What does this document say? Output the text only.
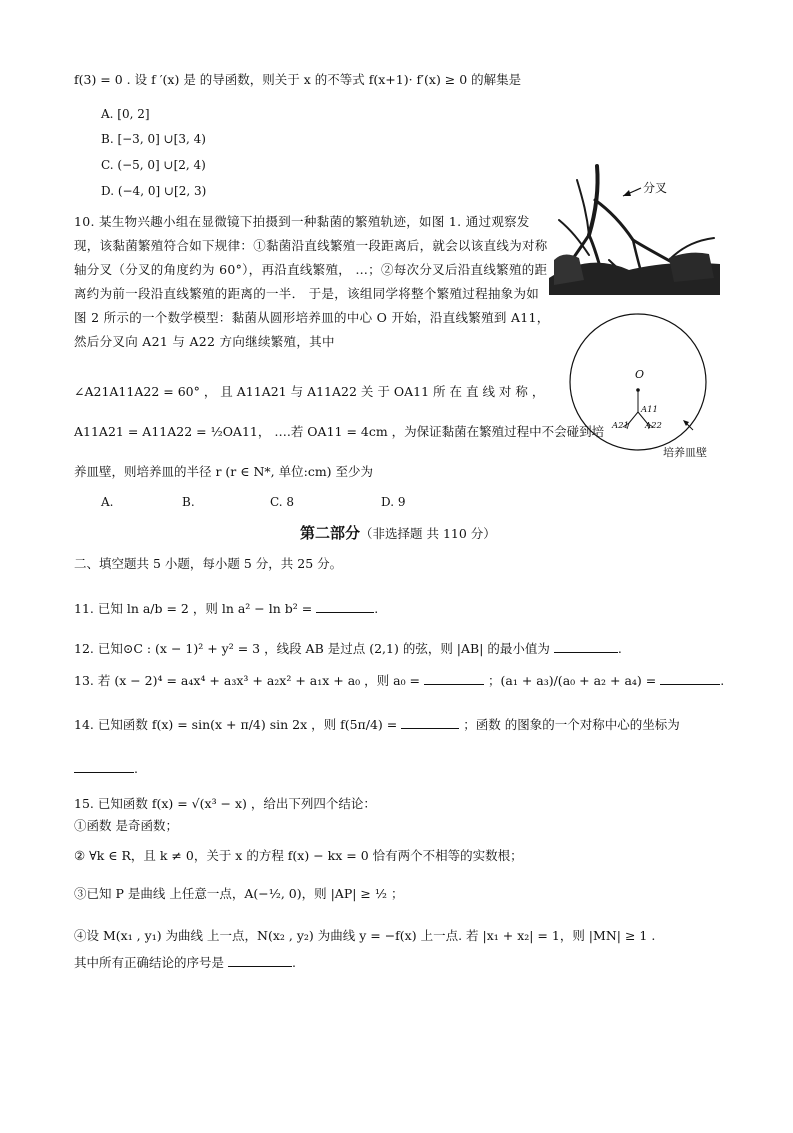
f(3) = 0 . 设 f ′(x) 是 的导函数，则关于 x 的不等式 f(x+1)· f′(x) ≥ 0 的解集是
A. [0, 2]
B. [−3, 0] ∪[3, 4)
C. (−5, 0] ∪[2, 4)
D. (−4, 0] ∪[2, 3)
10. 某生物兴趣小组在显微镜下拍摄到一种黏菌的繁殖轨迹，如图 1. 通过观察发现，该黏菌繁殖符合如下规律：①黏菌沿直线繁殖一段距离后，就会以该直线为对称轴分叉（分叉的角度约为 60°），再沿直线繁殖， …；②每次分叉后沿直线繁殖的距离约为前一段沿直线繁殖的距离的一半． 于是，该组同学将整个繁殖过程抽象为如图 2 所示的一个数学模型：黏菌从圆形培养皿的中心 O 开始，沿直线繁殖到 A11，然后分叉向 A21 与 A22 方向继续繁殖，其中
∠A21A11A22 = 60° ， 且 A11A21 与 A11A22 关 于 OA11 所 在 直 线 对 称 ，
A11A21 = A11A22 = ½OA11， ….若 OA11 = 4cm ，为保证黏菌在繁殖过程中不会碰到培
养皿壁，则培养皿的半径 r (r ∈ N*, 单位:cm) 至少为
A.	B.	C. 8	D. 9
分叉
O
A11
A21 A22
培养皿壁
第二部分（非选择题 共 110 分）
二、填空题共 5 小题，每小题 5 分，共 25 分。
11. 已知 ln a/b = 2 ，则 ln a² − ln b² =	.
12. 已知⊙C : (x − 1)² + y² = 3 ，线段 AB 是过点 (2,1) 的弦，则 |AB| 的最小值为	.
13. 若 (x − 2)⁴ = a₄x⁴ + a₃x³ + a₂x² + a₁x + a₀ ，则 a₀ =	；(a₁ + a₃)/(a₀ + a₂ + a₄) =	.
14. 已知函数 f(x) = sin(x + π/4) sin 2x ，则 f(5π/4) =	；函数 的图象的一个对称中心的坐标为
.
15. 已知函数 f(x) = √(x³ − x) ，给出下列四个结论：
①函数 是奇函数；
② ∀k ∈ R，且 k ≠ 0，关于 x 的方程 f(x) − kx = 0 恰有两个不相等的实数根；
③已知 P 是曲线 上任意一点，A(−½, 0)，则 |AP| ≥ ½ ；
④设 M(x₁ , y₁) 为曲线 上一点，N(x₂ , y₂) 为曲线 y = −f(x) 上一点. 若 |x₁ + x₂| = 1，则 |MN| ≥ 1 .
其中所有正确结论的序号是	.
